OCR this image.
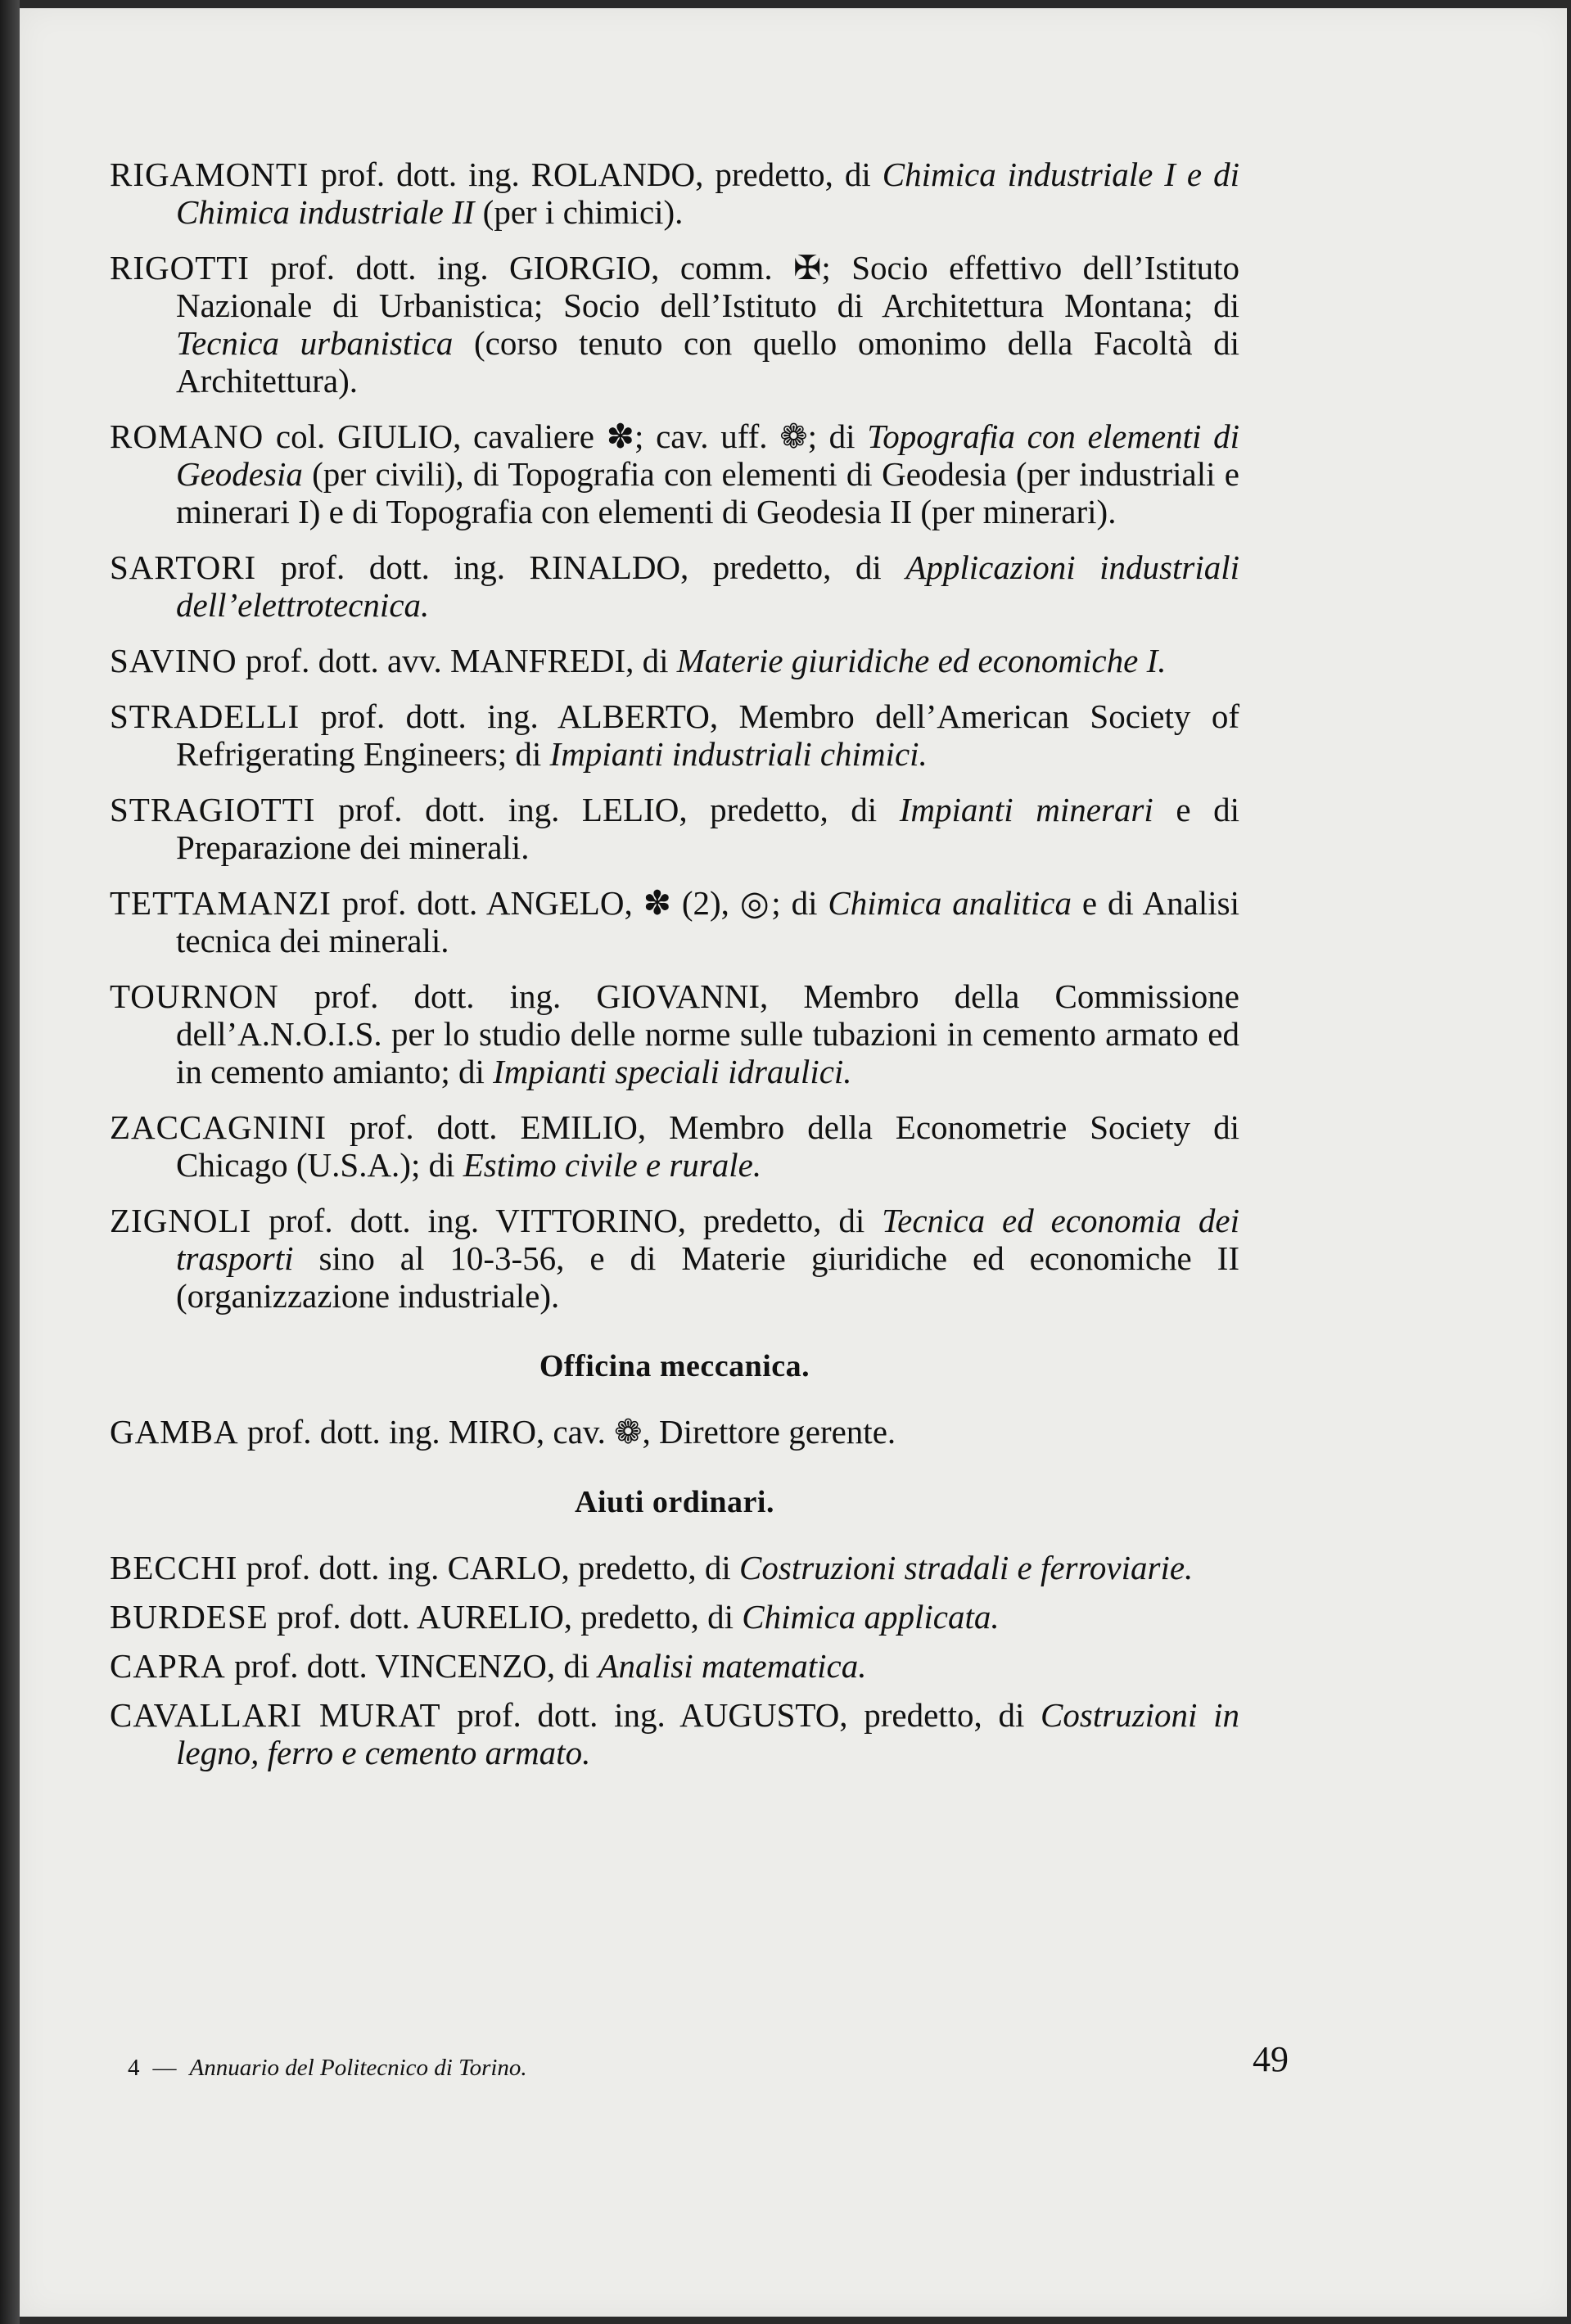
RIGAMONTI prof. dott. ing. ROLANDO, predetto, di Chimica industriale I e di Chimica industriale II (per i chimici).

RIGOTTI prof. dott. ing. GIORGIO, comm. ✠; Socio effettivo dell’Istituto Nazionale di Urbanistica; Socio dell’Istituto di Architettura Montana; di Tecnica urbanistica (corso tenuto con quello omonimo della Facoltà di Architettura).

ROMANO col. GIULIO, cavaliere ✽; cav. uff. ❁; di Topografia con elementi di Geodesia (per civili), di Topografia con elementi di Geodesia (per industriali e minerari I) e di Topografia con elementi di Geodesia II (per minerari).

SARTORI prof. dott. ing. RINALDO, predetto, di Applicazioni industriali dell’elettrotecnica.

SAVINO prof. dott. avv. MANFREDI, di Materie giuridiche ed economiche I.

STRADELLI prof. dott. ing. ALBERTO, Membro dell’American Society of Refrigerating Engineers; di Impianti industriali chimici.

STRAGIOTTI prof. dott. ing. LELIO, predetto, di Impianti minerari e di Preparazione dei minerali.

TETTAMANZI prof. dott. ANGELO, ✽ (2), ◎; di Chimica analitica e di Analisi tecnica dei minerali.

TOURNON prof. dott. ing. GIOVANNI, Membro della Commissione dell’A.N.O.I.S. per lo studio delle norme sulle tubazioni in cemento armato ed in cemento amianto; di Impianti speciali idraulici.

ZACCAGNINI prof. dott. EMILIO, Membro della Econometrie Society di Chicago (U.S.A.); di Estimo civile e rurale.

ZIGNOLI prof. dott. ing. VITTORINO, predetto, di Tecnica ed economia dei trasporti sino al 10-3-56, e di Materie giuridiche ed economiche II (organizzazione industriale).

Officina meccanica.

GAMBA prof. dott. ing. MIRO, cav. ❁, Direttore gerente.

Aiuti ordinari.

BECCHI prof. dott. ing. CARLO, predetto, di Costruzioni stradali e ferroviarie.

BURDESE prof. dott. AURELIO, predetto, di Chimica applicata.

CAPRA prof. dott. VINCENZO, di Analisi matematica.

CAVALLARI MURAT prof. dott. ing. AUGUSTO, predetto, di Costruzioni in legno, ferro e cemento armato.

4 — Annuario del Politecnico di Torino.	49
